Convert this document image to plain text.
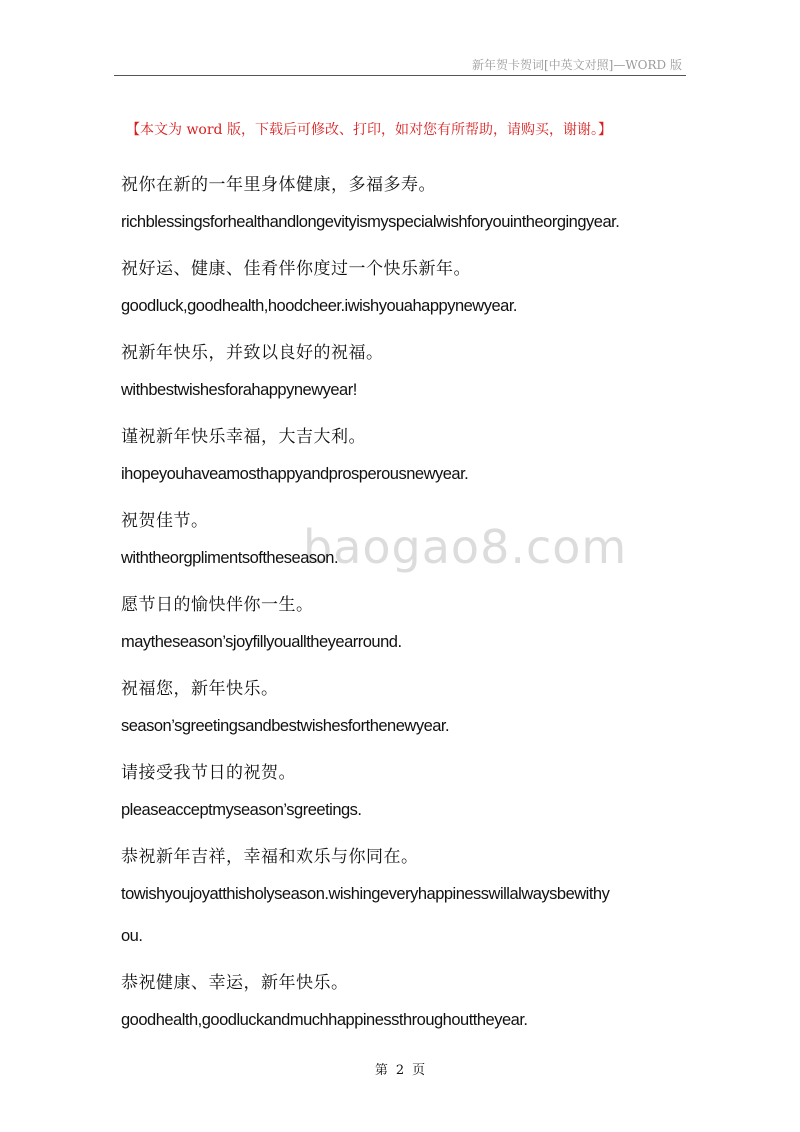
新年贺卡贺词[中英文对照]—WORD 版
【本文为 word 版，下载后可修改、打印，如对您有所帮助，请购买，谢谢。】
baogao8.com
祝你在新的一年里身体健康，多福多寿。
richblessingsforhealthandlongevityismyspecialwishforyouintheorgingyear.
祝好运、健康、佳肴伴你度过一个快乐新年。
goodluck,goodhealth,hoodcheer.iwishyouahappynewyear.
祝新年快乐，并致以良好的祝福。
withbestwishesforahappynewyear!
谨祝新年快乐幸福，大吉大利。
ihopeyouhaveamosthappyandprosperousnewyear.
祝贺佳节。
withtheorgplimentsoftheseason.
愿节日的愉快伴你一生。
maytheseason’sjoyfillyoualltheyearround.
祝福您，新年快乐。
season’sgreetingsandbestwishesforthenewyear.
请接受我节日的祝贺。
pleaseacceptmyseason’sgreetings.
恭祝新年吉祥，幸福和欢乐与你同在。
towishyoujoyatthisholyseason.wishingeveryhappinesswillalwaysbewithy
ou.
恭祝健康、幸运，新年快乐。
goodhealth,goodluckandmuchhappinessthroughouttheyear.
第 2 页
